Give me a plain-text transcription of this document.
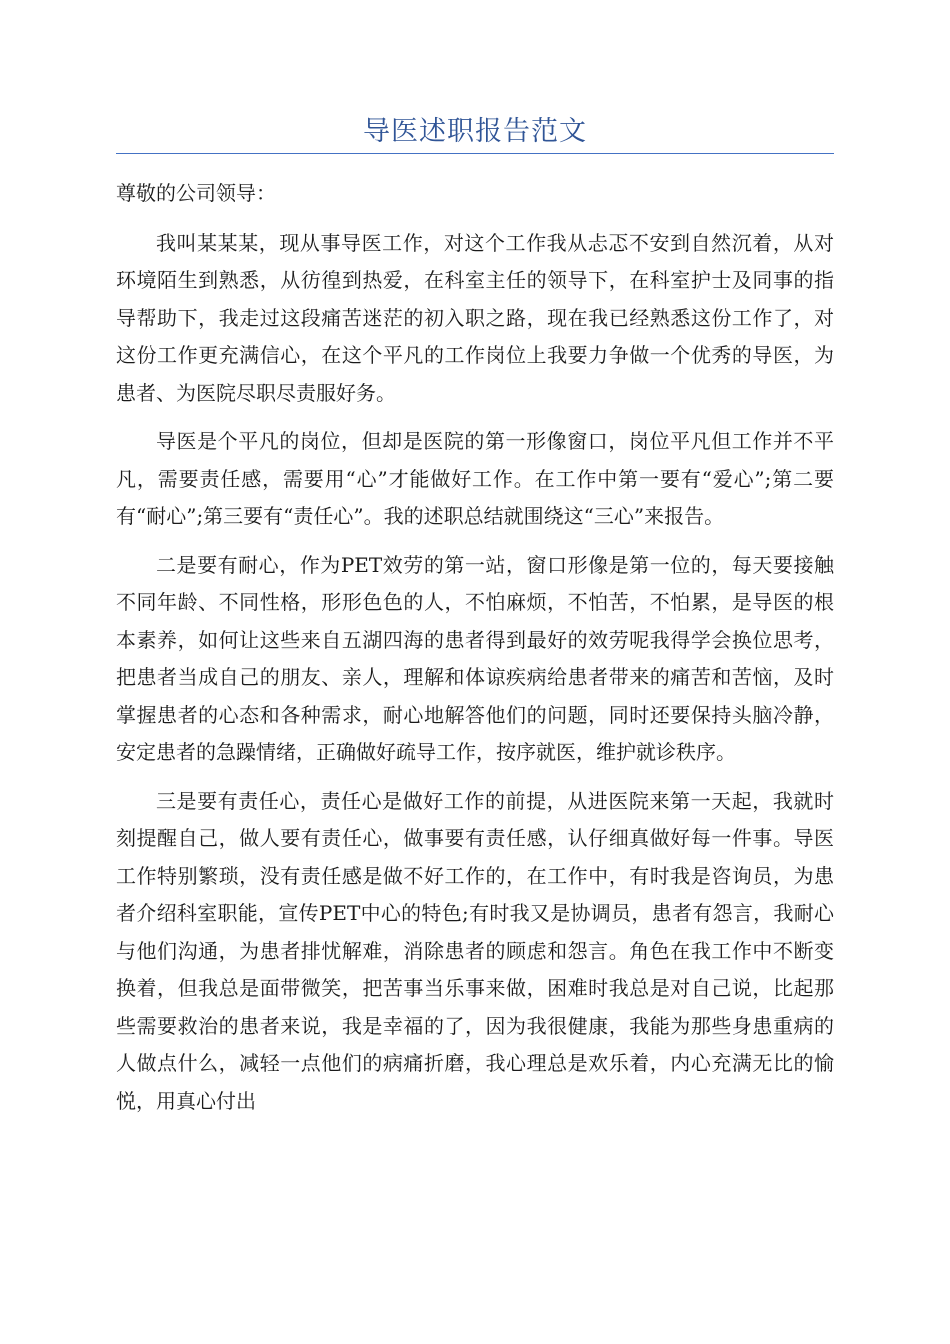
导医述职报告范文

尊敬的公司领导：

我叫某某某，现从事导医工作，对这个工作我从忐忑不安到自然沉着，从对环境陌生到熟悉，从彷徨到热爱，在科室主任的领导下，在科室护士及同事的指导帮助下，我走过这段痛苦迷茫的初入职之路，现在我已经熟悉这份工作了，对这份工作更充满信心，在这个平凡的工作岗位上我要力争做一个优秀的导医，为患者、为医院尽职尽责服好务。

导医是个平凡的岗位，但却是医院的第一形像窗口，岗位平凡但工作并不平凡，需要责任感，需要用“心”才能做好工作。在工作中第一要有“爱心”;第二要有“耐心”;第三要有“责任心”。我的述职总结就围绕这“三心”来报告。

二是要有耐心，作为PET效劳的第一站，窗口形像是第一位的，每天要接触不同年龄、不同性格，形形色色的人，不怕麻烦，不怕苦，不怕累，是导医的根本素养，如何让这些来自五湖四海的患者得到最好的效劳呢我得学会换位思考，把患者当成自己的朋友、亲人，理解和体谅疾病给患者带来的痛苦和苦恼，及时掌握患者的心态和各种需求，耐心地解答他们的问题，同时还要保持头脑冷静，安定患者的急躁情绪，正确做好疏导工作，按序就医，维护就诊秩序。

三是要有责任心，责任心是做好工作的前提，从进医院来第一天起，我就时刻提醒自己，做人要有责任心，做事要有责任感，认仔细真做好每一件事。导医工作特别繁琐，没有责任感是做不好工作的，在工作中，有时我是咨询员，为患者介绍科室职能，宣传PET中心的特色;有时我又是协调员，患者有怨言，我耐心与他们沟通，为患者排忧解难，消除患者的顾虑和怨言。角色在我工作中不断变换着，但我总是面带微笑，把苦事当乐事来做，困难时我总是对自己说，比起那些需要救治的患者来说，我是幸福的了，因为我很健康，我能为那些身患重病的人做点什么，减轻一点他们的病痛折磨，我心理总是欢乐着，内心充满无比的愉悦，用真心付出
